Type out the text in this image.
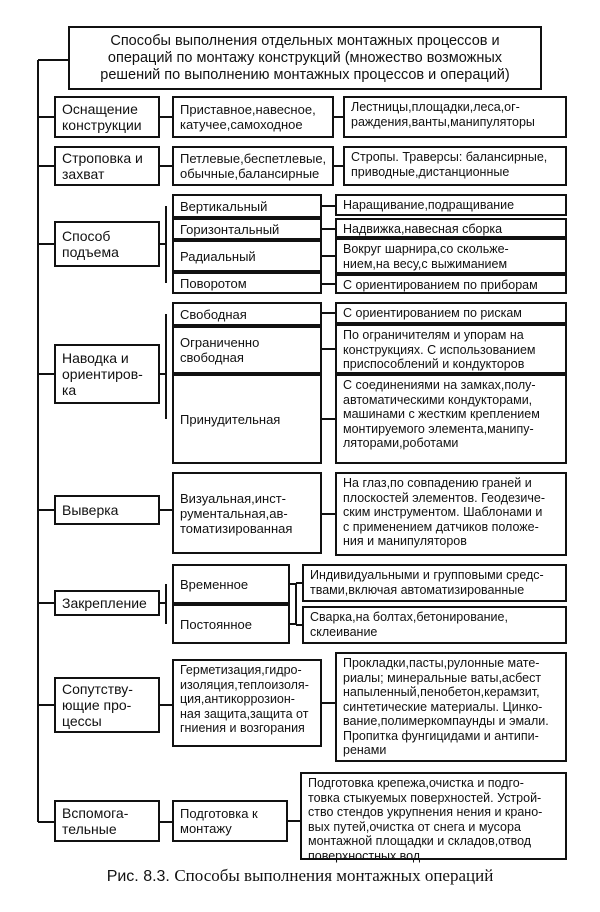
Способы выполнения отдельных монтажных процессов и
операций по монтажу конструкций (множество возможных
решений по выполнению монтажных процессов и операций)
Оснащение
конструкции
Приставное,навесное,
катучее,самоходное
Лестницы,площадки,леса,ог-
раждения,ванты,манипуляторы
Строповка и
захват
Петлевые,беспетлевые,
обычные,балансирные
Стропы. Траверсы: балансирные,
приводные,дистанционные
Способ
подъема
Вертикальный
Горизонтальный
Радиальный
Поворотом
Наращивание,подращивание
Надвижка,навесная сборка
Вокруг шарнира,со скольже-
нием,на весу,с выжиманием
С ориентированием по приборам
Наводка и
ориентиров-
ка
Свободная
Ограниченно
свободная
Принудительная
С ориентированием по рискам
По ограничителям и упорам на
конструкциях. С использованием
приспособлений и кондукторов
С соединениями на замках,полу-
автоматическими кондукторами,
машинами с жестким креплением
монтируемого элемента,манипу-
ляторами,роботами
Выверка
Визуальная,инст-
рументальная,ав-
томатизированная
На глаз,по совпадению граней и
плоскостей элементов. Геодезиче-
ским инструментом. Шаблонами и
с применением датчиков положе-
ния и манипуляторов
Закрепление
Временное
Постоянное
Индивидуальными и групповыми средс-
твами,включая автоматизированные
Сварка,на болтах,бетонирование,
склеивание
Сопутству-
ющие про-
цессы
Герметизация,гидро-
изоляция,теплоизоля-
ция,антикоррозион-
ная защита,защита от
гниения и возгорания
Прокладки,пасты,рулонные мате-
риалы; минеральные ваты,асбест
напыленный,пенобетон,керамзит,
синтетические материалы. Цинко-
вание,полимеркомпаунды и эмали.
Пропитка фунгицидами и антипи-
ренами
Вспомога-
тельные
Подготовка к
монтажу
Подготовка крепежа,очистка и подго-
товка стыкуемых поверхностей. Устрой-
ство стендов укрупнения нения и крано-
вых путей,очистка от снега и мусора
монтажной площадки и складов,отвод
поверхностных вод
Рис. 8.3. Способы выполнения монтажных операций
